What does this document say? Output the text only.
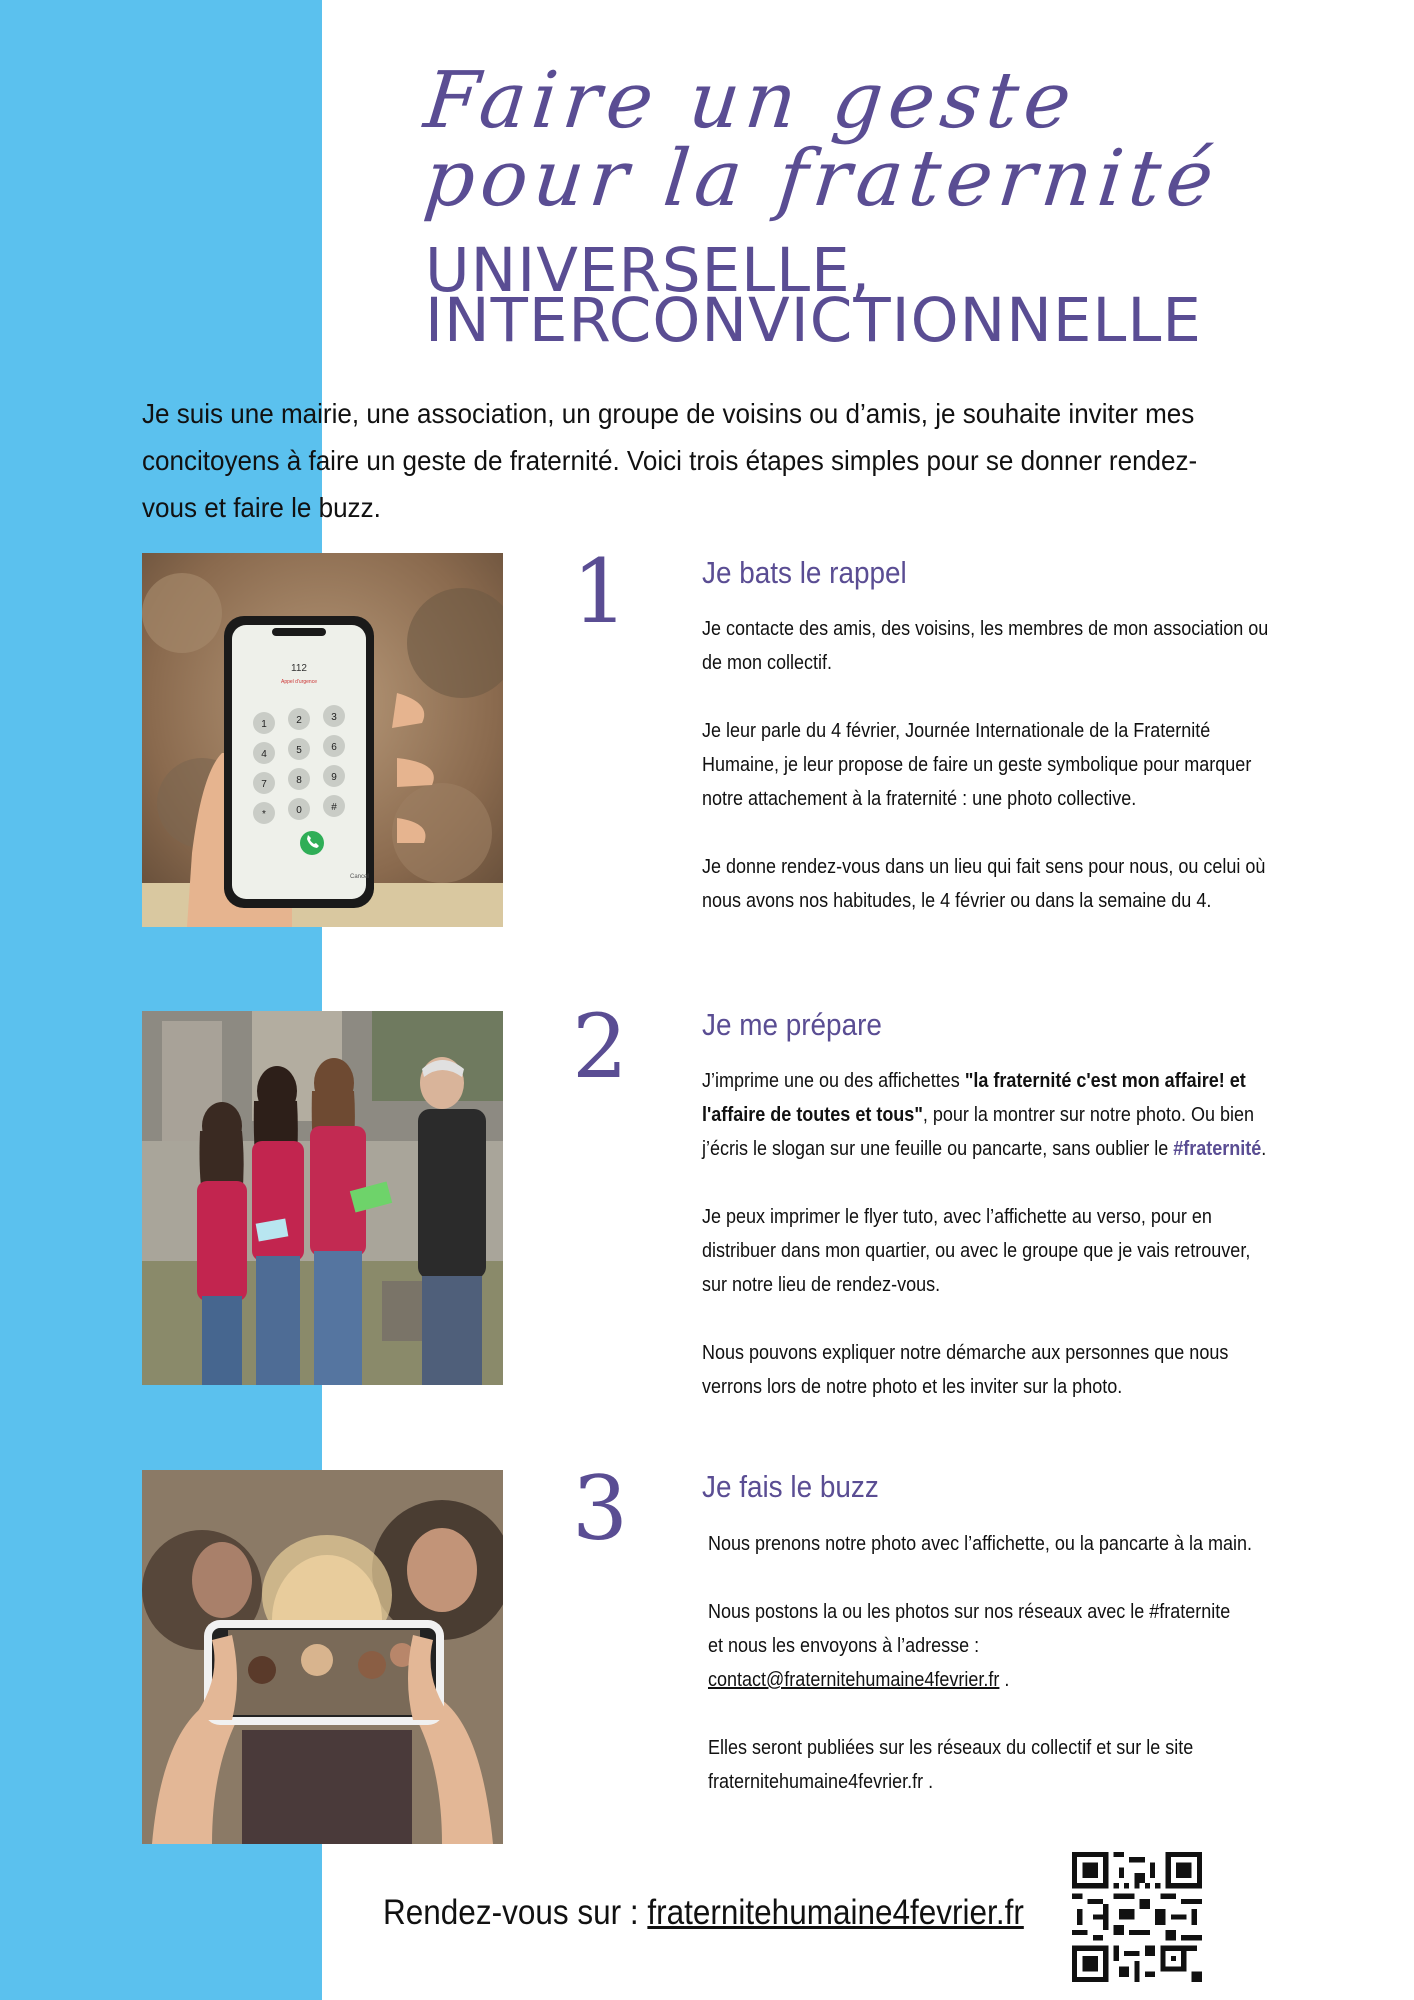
Faire un geste
pour la fraternité
UNIVERSELLE,
INTERCONVICTIONNELLE
Je suis une mairie, une association, un groupe de voisins ou d’amis, je souhaite inviter mes concitoyens à faire un geste de fraternité. Voici trois étapes simples pour se donner rendez-vous et faire le buzz.
112
Appel d'urgence
1	2	3
4	5	6
7	8	9
*	0	#
Cancel
1 Je bats le rappel

Je contacte des amis, des voisins, les membres de mon association ou de mon collectif.

Je leur parle du 4 février, Journée Internationale de la Fraternité Humaine, je leur propose de faire un geste symbolique pour marquer notre attachement à la fraternité : une photo collective.

Je donne rendez-vous dans un lieu qui fait sens pour nous, ou celui où nous avons nos habitudes, le 4 février ou dans la semaine du 4.

2 Je me prépare

J’imprime une ou des affichettes "la fraternité c'est mon affaire! et l'affaire de toutes et tous", pour la montrer sur notre photo. Ou bien j’écris le slogan sur une feuille ou pancarte, sans oublier le #fraternité.

Je peux imprimer le flyer tuto, avec l’affichette au verso, pour en distribuer dans mon quartier, ou avec le groupe que je vais retrouver, sur notre lieu de rendez-vous.

Nous pouvons expliquer notre démarche aux personnes que nous verrons lors de notre photo et les inviter sur la photo.

3 Je fais le buzz

Nous prenons notre photo avec l’affichette, ou la pancarte à la main.

Nous postons la ou les photos sur nos réseaux avec le #fraternite
et nous les envoyons à l’adresse :
contact@fraternitehumaine4fevrier.fr .

Elles seront publiées sur les réseaux du collectif et sur le site fraternitehumaine4fevrier.fr .

Rendez-vous sur : fraternitehumaine4fevrier.fr
